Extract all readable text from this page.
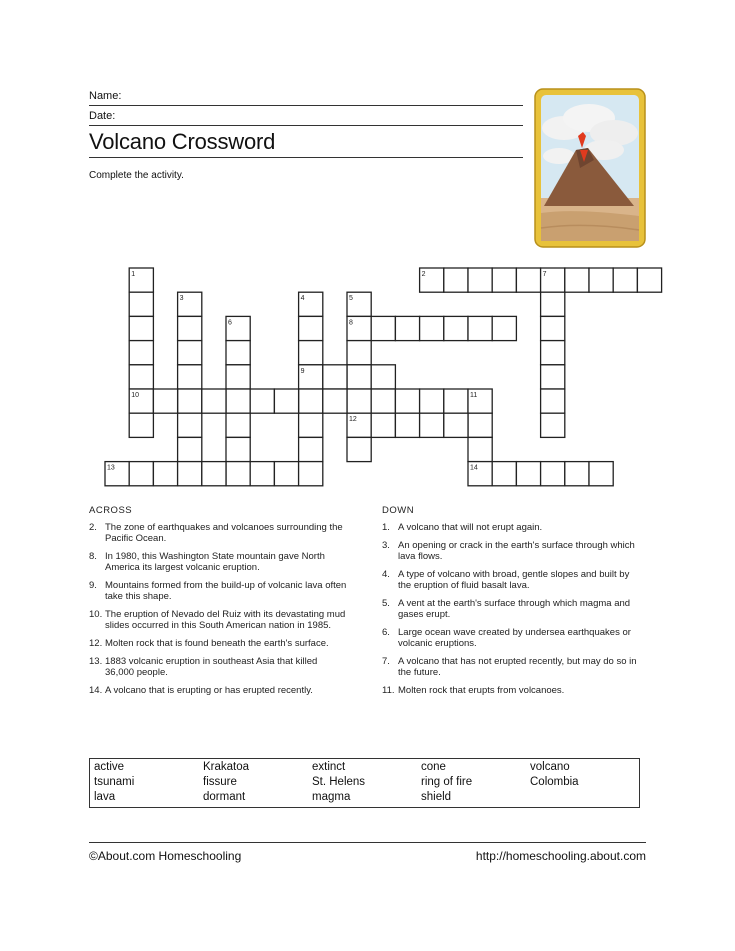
Name:
Date:
Volcano Crossword
Complete the activity.
1	2
3	4	5
6
7
8
9
10	11
12
13	14
ACROSS
2. The zone of earthquakes and volcanoes surrounding the Pacific Ocean.
8. In 1980, this Washington State mountain gave North America its largest volcanic eruption.
9. Mountains formed from the build-up of volcanic lava often take this shape.
10. The eruption of Nevado del Ruiz with its devastating mud slides occurred in this South American nation in 1985.
12. Molten rock that is found beneath the earth's surface.
13. 1883 volcanic eruption in southeast Asia that killed 36,000 people.
14. A volcano that is erupting or has erupted recently.
DOWN
1. A volcano that will not erupt again.
3. An opening or crack in the earth's surface through which lava flows.
4. A type of volcano with broad, gentle slopes and built by the eruption of fluid basalt lava.
5. A vent at the earth's surface through which magma and gases erupt.
6. Large ocean wave created by undersea earthquakes or volcanic eruptions.
7. A volcano that has not erupted recently, but may do so in the future.
11. Molten rock that erupts from volcanoes.
active	Krakatoa	extinct	cone	volcano
tsunami	fissure	St. Helens	ring of fire	Colombia
lava	dormant	magma	shield
©About.com Homeschooling	http://homeschooling.about.com
